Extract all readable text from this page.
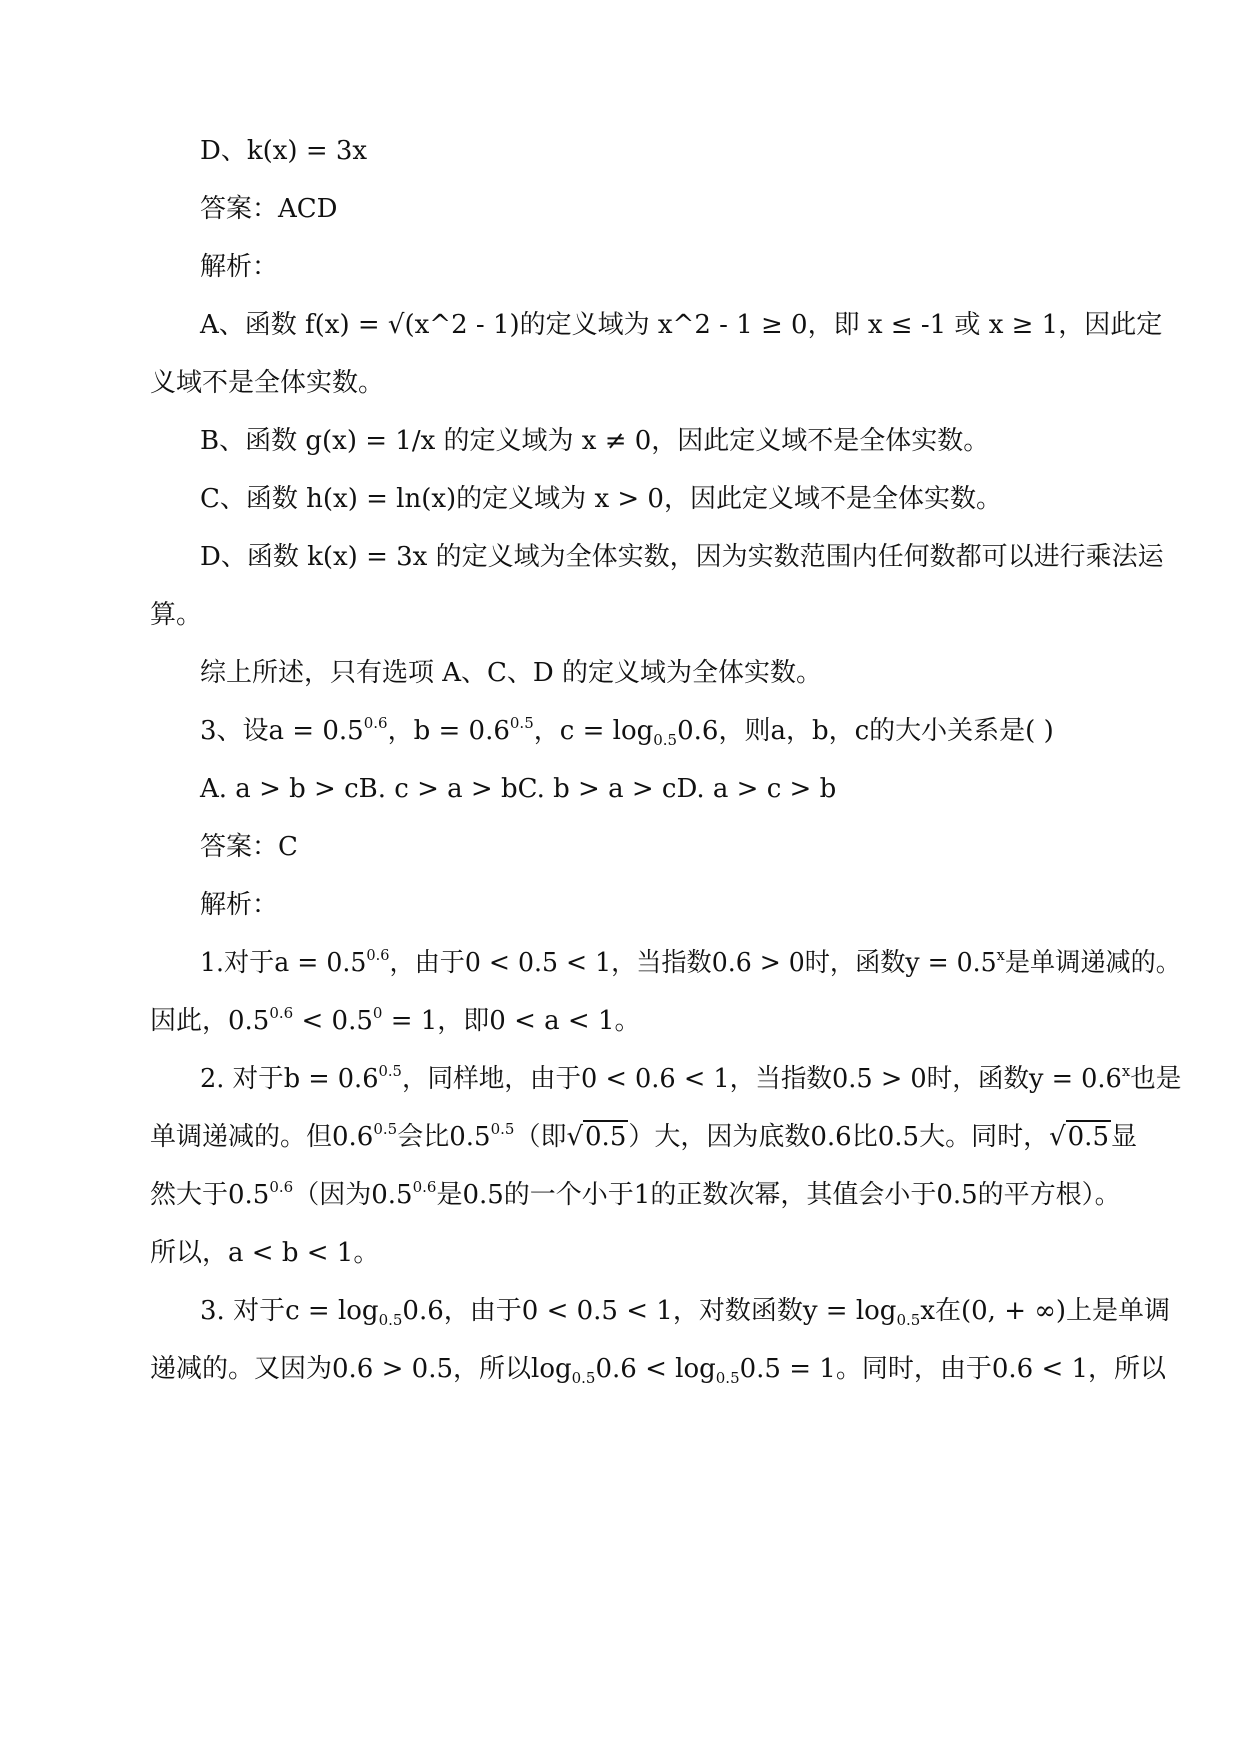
D、k(x) = 3x
答案：ACD
解析：
A、函数 f(x) = √(x^2 - 1)的定义域为 x^2 - 1 ≥ 0，即 x ≤ -1 或 x ≥ 1，因此定
义域不是全体实数。
B、函数 g(x) = 1/x 的定义域为 x ≠ 0，因此定义域不是全体实数。
C、函数 h(x) = ln(x)的定义域为 x > 0，因此定义域不是全体实数。
D、函数 k(x) = 3x 的定义域为全体实数，因为实数范围内任何数都可以进行乘法运
算。
综上所述，只有选项 A、C、D 的定义域为全体实数。
3、设$a = 0.5^{0.6}$，$b = 0.6^{0.5}$，$c = \log_{0.5}0.6$，则a，b，c的大小关系是( )
A. a > b > cB. c > a > bC. b > a > cD. a > c > b
答案：C
解析：
1.对于$a = 0.5^{0.6}$，由于0 < 0.5 < 1，当指数0.6 > 0时，函数$y = 0.5^x$是单调递减的。
因此，$0.5^{0.6} < 0.5^0 = 1$，即0 < a < 1。
2. 对于$b = 0.6^{0.5}$，同样地，由于0 < 0.6 < 1，当指数0.5 > 0时，函数$y = 0.6^x$也是
单调递减的。但$0.6^{0.5}$会比$0.5^{0.5}$（即√0.5）大，因为底数0.6比0.5大。同时，√0.5显
然大于$0.5^{0.6}$（因为$0.5^{0.6}$是0.5的一个小于1的正数次幂，其值会小于0.5的平方根）。
所以，a < b < 1。
3. 对于$c = \log_{0.5}0.6$，由于0 < 0.5 < 1，对数函数$y = \log_{0.5}x$在(0, + ∞)上是单调
递减的。又因为0.6 > 0.5，所以$\log_{0.5}0.6 < \log_{0.5}0.5 = 1$。同时，由于0.6 < 1，所以
